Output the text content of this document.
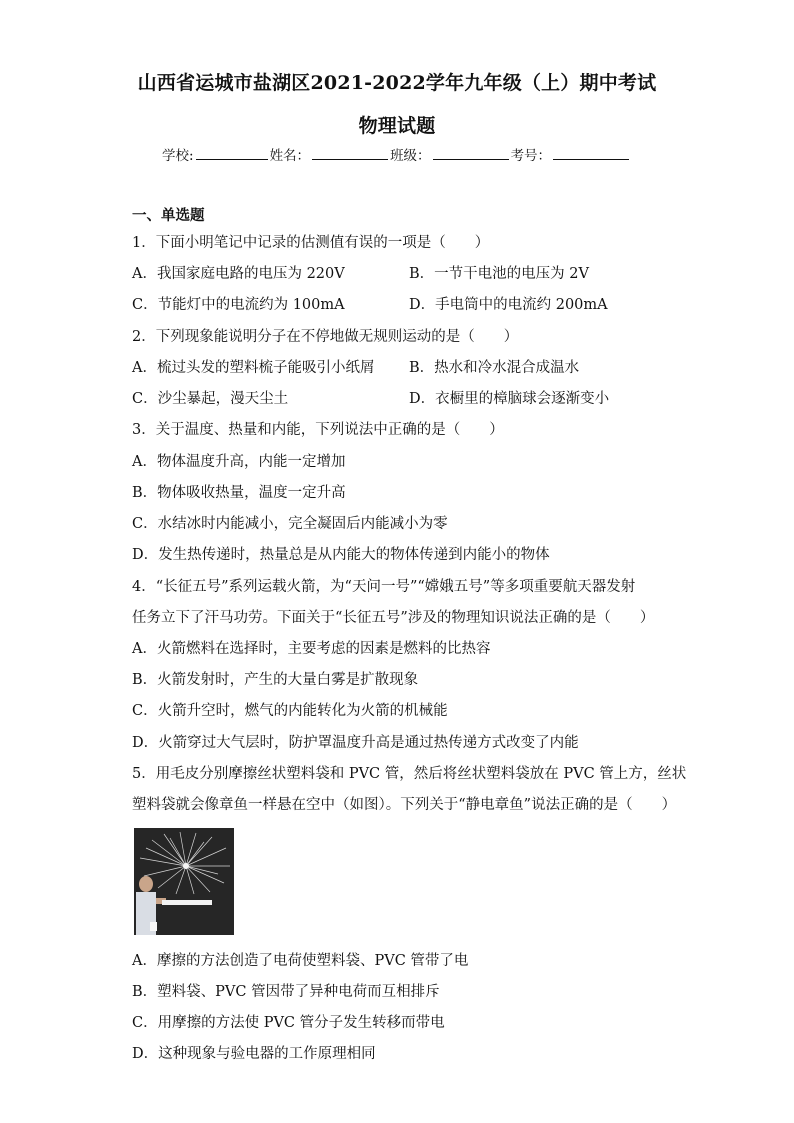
山西省运城市盐湖区2021-2022学年九年级（上）期中考试
物理试题
学校:	姓名：	班级：	考号：
一、单选题
1．下面小明笔记中记录的估测值有误的一项是（　　）
A．我国家庭电路的电压为 220V	B．一节干电池的电压为 2V
C．节能灯中的电流约为 100mA	D．手电筒中的电流约 200mA
2．下列现象能说明分子在不停地做无规则运动的是（　　）
A．梳过头发的塑料梳子能吸引小纸屑 B．热水和冷水混合成温水
C．沙尘暴起，漫天尘土	D．衣橱里的樟脑球会逐渐变小
3．关于温度、热量和内能，下列说法中正确的是（　　）
A．物体温度升高，内能一定增加
B．物体吸收热量，温度一定升高
C．水结冰时内能减小，完全凝固后内能减小为零
D．发生热传递时，热量总是从内能大的物体传递到内能小的物体
4．“长征五号”系列运载火箭，为“天问一号”“嫦娥五号”等多项重要航天器发射
任务立下了汗马功劳。下面关于“长征五号”涉及的物理知识说法正确的是（　　）
A．火箭燃料在选择时，主要考虑的因素是燃料的比热容
B．火箭发射时，产生的大量白雾是扩散现象
C．火箭升空时，燃气的内能转化为火箭的机械能
D．火箭穿过大气层时，防护罩温度升高是通过热传递方式改变了内能
5．用毛皮分别摩擦丝状塑料袋和 PVC 管，然后将丝状塑料袋放在 PVC 管上方，丝状
塑料袋就会像章鱼一样悬在空中（如图）。下列关于“静电章鱼”说法正确的是（　　）
A．摩擦的方法创造了电荷使塑料袋、PVC 管带了电
B．塑料袋、PVC 管因带了异种电荷而互相排斥
C．用摩擦的方法使 PVC 管分子发生转移而带电
D．这种现象与验电器的工作原理相同
